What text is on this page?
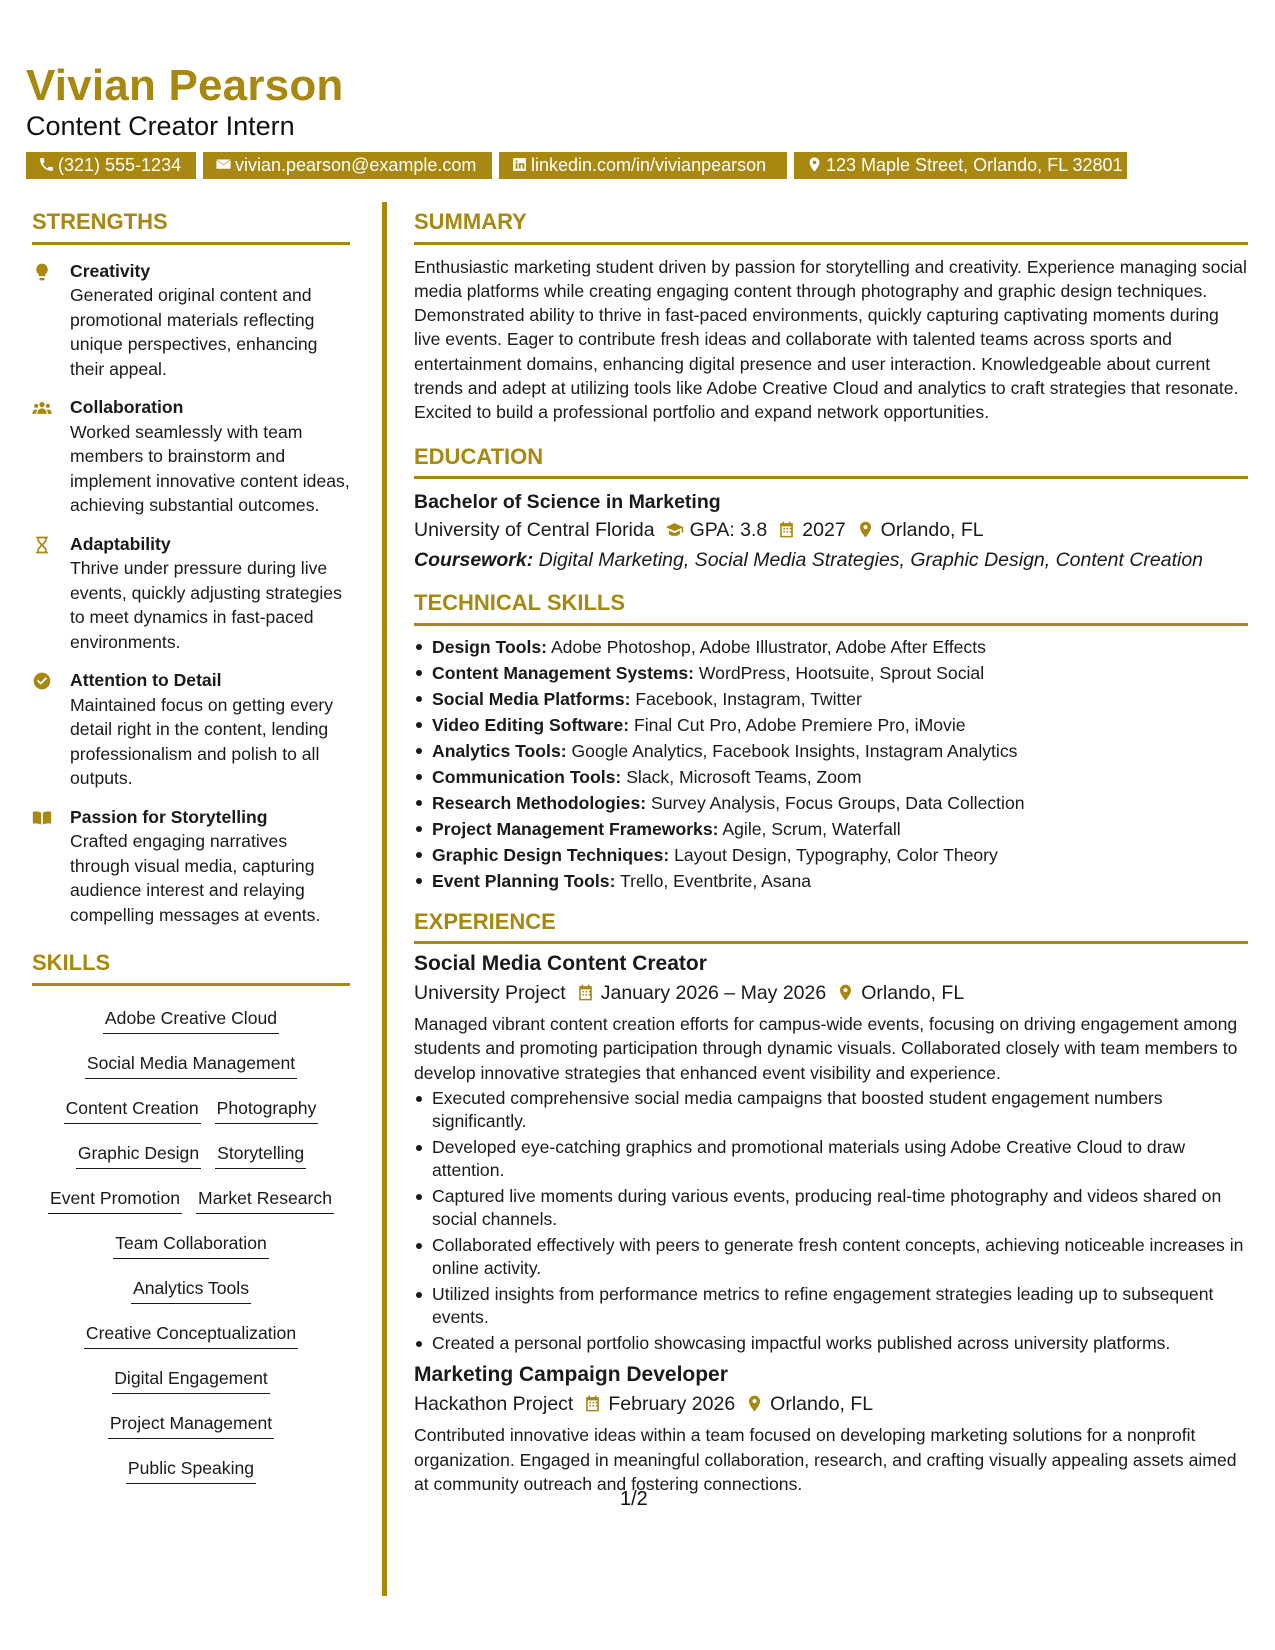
Vivian Pearson
Content Creator Intern
(321) 555-1234	vivian.pearson@example.com	linkedin.com/in/vivianpearson	123 Maple Street, Orlando, FL 32801
STRENGTHS
Creativity
Generated original content and promotional materials reflecting unique perspectives, enhancing their appeal.
Collaboration
Worked seamlessly with team members to brainstorm and implement innovative content ideas, achieving substantial outcomes.
Adaptability
Thrive under pressure during live events, quickly adjusting strategies to meet dynamics in fast-paced environments.
Attention to Detail
Maintained focus on getting every detail right in the content, lending professionalism and polish to all outputs.
Passion for Storytelling
Crafted engaging narratives through visual media, capturing audience interest and relaying compelling messages at events.
SKILLS
Adobe Creative Cloud
Social Media Management
Content Creation Photography
Graphic Design Storytelling
Event Promotion Market Research
Team Collaboration
Analytics Tools
Creative Conceptualization
Digital Engagement
Project Management
Public Speaking
SUMMARY
Enthusiastic marketing student driven by passion for storytelling and creativity. Experience managing social media platforms while creating engaging content through photography and graphic design techniques. Demonstrated ability to thrive in fast-paced environments, quickly capturing captivating moments during live events. Eager to contribute fresh ideas and collaborate with talented teams across sports and entertainment domains, enhancing digital presence and user interaction. Knowledgeable about current trends and adept at utilizing tools like Adobe Creative Cloud and analytics to craft strategies that resonate. Excited to build a professional portfolio and expand network opportunities.
EDUCATION
Bachelor of Science in Marketing
University of Central Florida GPA: 3.8 2027 Orlando, FL
Coursework: Digital Marketing, Social Media Strategies, Graphic Design, Content Creation
TECHNICAL SKILLS
Design Tools: Adobe Photoshop, Adobe Illustrator, Adobe After Effects
Content Management Systems: WordPress, Hootsuite, Sprout Social
Social Media Platforms: Facebook, Instagram, Twitter
Video Editing Software: Final Cut Pro, Adobe Premiere Pro, iMovie
Analytics Tools: Google Analytics, Facebook Insights, Instagram Analytics
Communication Tools: Slack, Microsoft Teams, Zoom
Research Methodologies: Survey Analysis, Focus Groups, Data Collection
Project Management Frameworks: Agile, Scrum, Waterfall
Graphic Design Techniques: Layout Design, Typography, Color Theory
Event Planning Tools: Trello, Eventbrite, Asana
EXPERIENCE
Social Media Content Creator
University Project January 2026 – May 2026 Orlando, FL
Managed vibrant content creation efforts for campus-wide events, focusing on driving engagement among students and promoting participation through dynamic visuals. Collaborated closely with team members to develop innovative strategies that enhanced event visibility and experience.
Executed comprehensive social media campaigns that boosted student engagement numbers significantly.
Developed eye-catching graphics and promotional materials using Adobe Creative Cloud to draw attention.
Captured live moments during various events, producing real-time photography and videos shared on social channels.
Collaborated effectively with peers to generate fresh content concepts, achieving noticeable increases in online activity.
Utilized insights from performance metrics to refine engagement strategies leading up to subsequent events.
Created a personal portfolio showcasing impactful works published across university platforms.
Marketing Campaign Developer
Hackathon Project February 2026 Orlando, FL
Contributed innovative ideas within a team focused on developing marketing solutions for a nonprofit organization. Engaged in meaningful collaboration, research, and crafting visually appealing assets aimed at community outreach and fostering connections.
1/2
